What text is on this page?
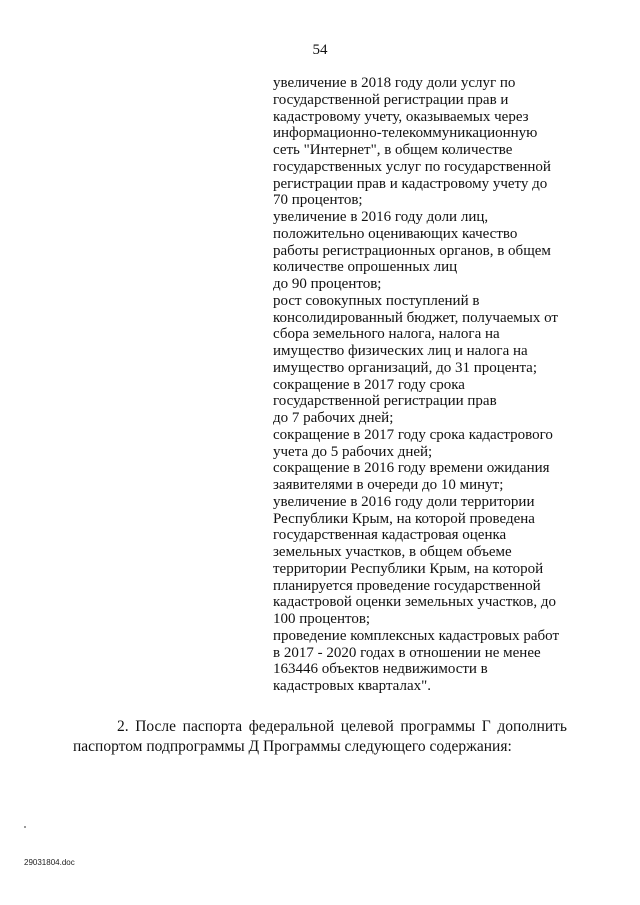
54
увеличение в 2018 году доли услуг по
государственной регистрации прав и
кадастровому учету, оказываемых через
информационно-телекоммуникационную
сеть "Интернет", в общем количестве
государственных услуг по государственной
регистрации прав и кадастровому учету до
70 процентов;
увеличение в 2016 году доли лиц,
положительно оценивающих качество
работы регистрационных органов, в общем
количестве опрошенных лиц
до 90 процентов;
рост совокупных поступлений в
консолидированный бюджет, получаемых от
сбора земельного налога, налога на
имущество физических лиц и налога на
имущество организаций, до 31 процента;
сокращение в 2017 году срока
государственной регистрации прав
до 7 рабочих дней;
сокращение в 2017 году срока кадастрового
учета до 5 рабочих дней;
сокращение в 2016 году времени ожидания
заявителями в очереди до 10 минут;
увеличение в 2016 году доли территории
Республики Крым, на которой проведена
государственная кадастровая оценка
земельных участков, в общем объеме
территории Республики Крым, на которой
планируется проведение государственной
кадастровой оценки земельных участков, до
100 процентов;
проведение комплексных кадастровых работ
в 2017 - 2020 годах в отношении не менее
163446 объектов недвижимости в
кадастровых кварталах".
2. После паспорта федеральной целевой программы Г дополнить
паспортом подпрограммы Д Программы следующего содержания:
29031804.doc
